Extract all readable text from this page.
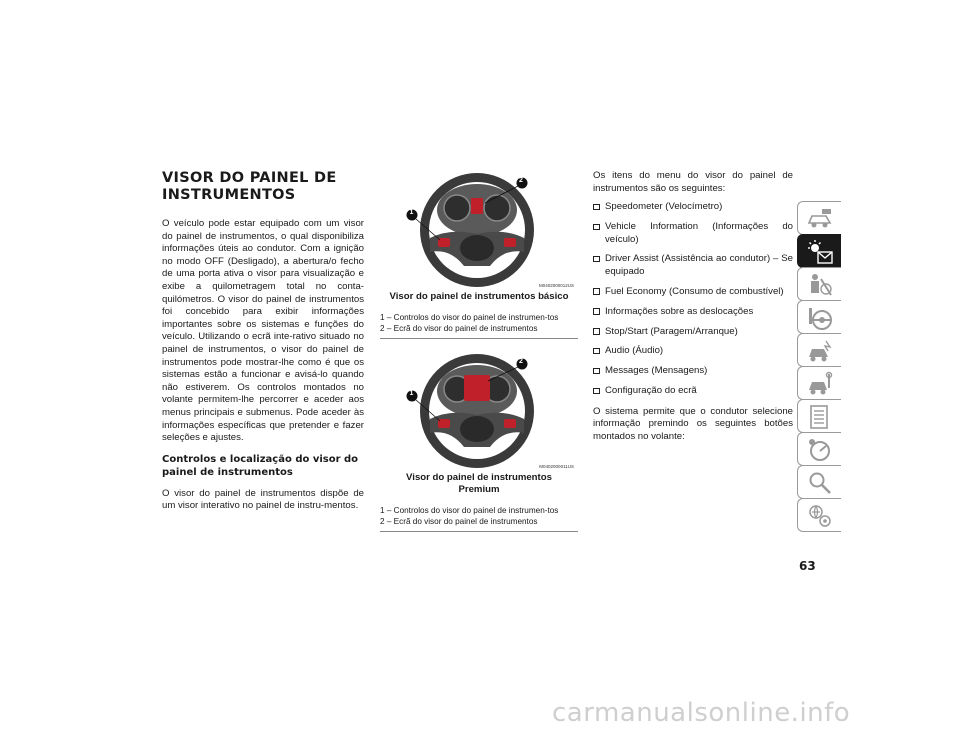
VISOR DO PAINEL DE INSTRUMENTOS

O veículo pode estar equipado com um visor do painel de instrumentos, o qual disponibiliza informações úteis ao condutor. Com a ignição no modo OFF (Desligado), a abertura/o fecho de uma porta ativa o visor para visualização e exibe a quilometragem total no conta-quilómetros. O visor do painel de instrumentos foi concebido para exibir informações importantes sobre os sistemas e funções do veículo. Utilizando o ecrã inte-rativo situado no painel de instrumentos, o visor do painel de instrumentos pode mostrar-lhe como é que os sistemas estão a funcionar e avisá-lo quando não estiverem. Os controlos montados no volante permitem-lhe percorrer e aceder aos menus principais e submenus. Pode aceder às informações específicas que pretender e fazer seleções e ajustes.

Controlos e localização do visor do painel de instrumentos

O visor do painel de instrumentos dispõe de um visor interativo no painel de instru-mentos.

2
1
M0402000012US
Visor do painel de instrumentos básico
1 – Controlos do visor do painel de instrumen-tos
2 – Ecrã do visor do painel de instrumentos
2
1
M0402000011US
Visor do painel de instrumentos Premium
1 – Controlos do visor do painel de instrumen-tos
2 – Ecrã do visor do painel de instrumentos

Os itens do menu do visor do painel de instrumentos são os seguintes:

Speedometer (Velocímetro)
Vehicle Information (Informações do veículo)
Driver Assist (Assistência ao condutor) – Se equipado
Fuel Economy (Consumo de combustível)
Informações sobre as deslocações
Stop/Start (Paragem/Arranque)
Audio (Áudio)
Messages (Mensagens)
Configuração do ecrã

O sistema permite que o condutor selecione informação premindo os seguintes botões montados no volante:

63
carmanualsonline.info
